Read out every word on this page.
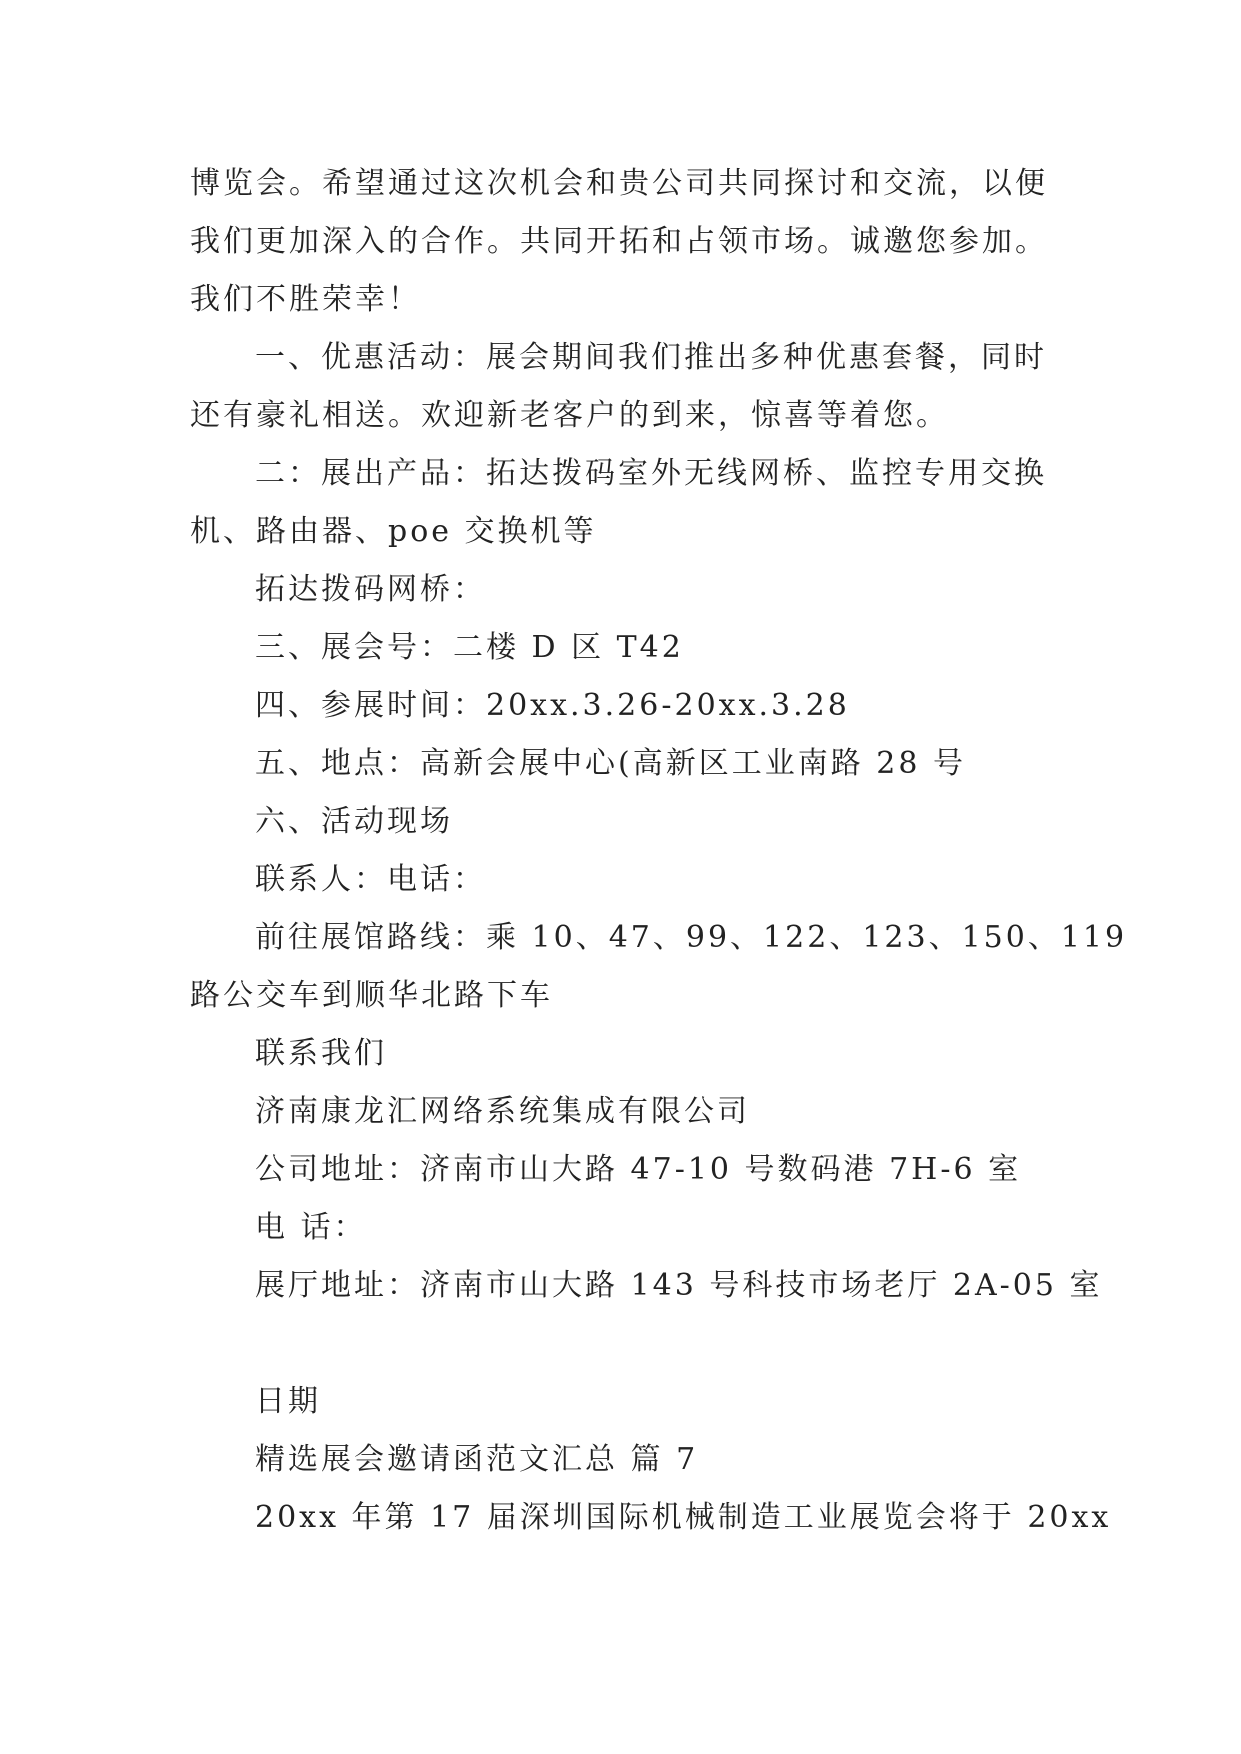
博览会。希望通过这次机会和贵公司共同探讨和交流，以便

我们更加深入的合作。共同开拓和占领市场。诚邀您参加。

我们不胜荣幸！

一、优惠活动：展会期间我们推出多种优惠套餐，同时

还有豪礼相送。欢迎新老客户的到来，惊喜等着您。

二：展出产品：拓达拨码室外无线网桥、监控专用交换

机、路由器、poe 交换机等

拓达拨码网桥：

三、展会号：二楼 D 区 T42

四、参展时间：20xx.3.26-20xx.3.28

五、地点：高新会展中心(高新区工业南路 28 号

六、活动现场

联系人：电话：

前往展馆路线：乘 10、47、99、122、123、150、119

路公交车到顺华北路下车

联系我们

济南康龙汇网络系统集成有限公司

公司地址：济南市山大路 47-10 号数码港 7H-6 室

电 话：

展厅地址：济南市山大路 143 号科技市场老厅 2A-05 室

日期

精选展会邀请函范文汇总 篇 7

20xx 年第 17 届深圳国际机械制造工业展览会将于 20xx
